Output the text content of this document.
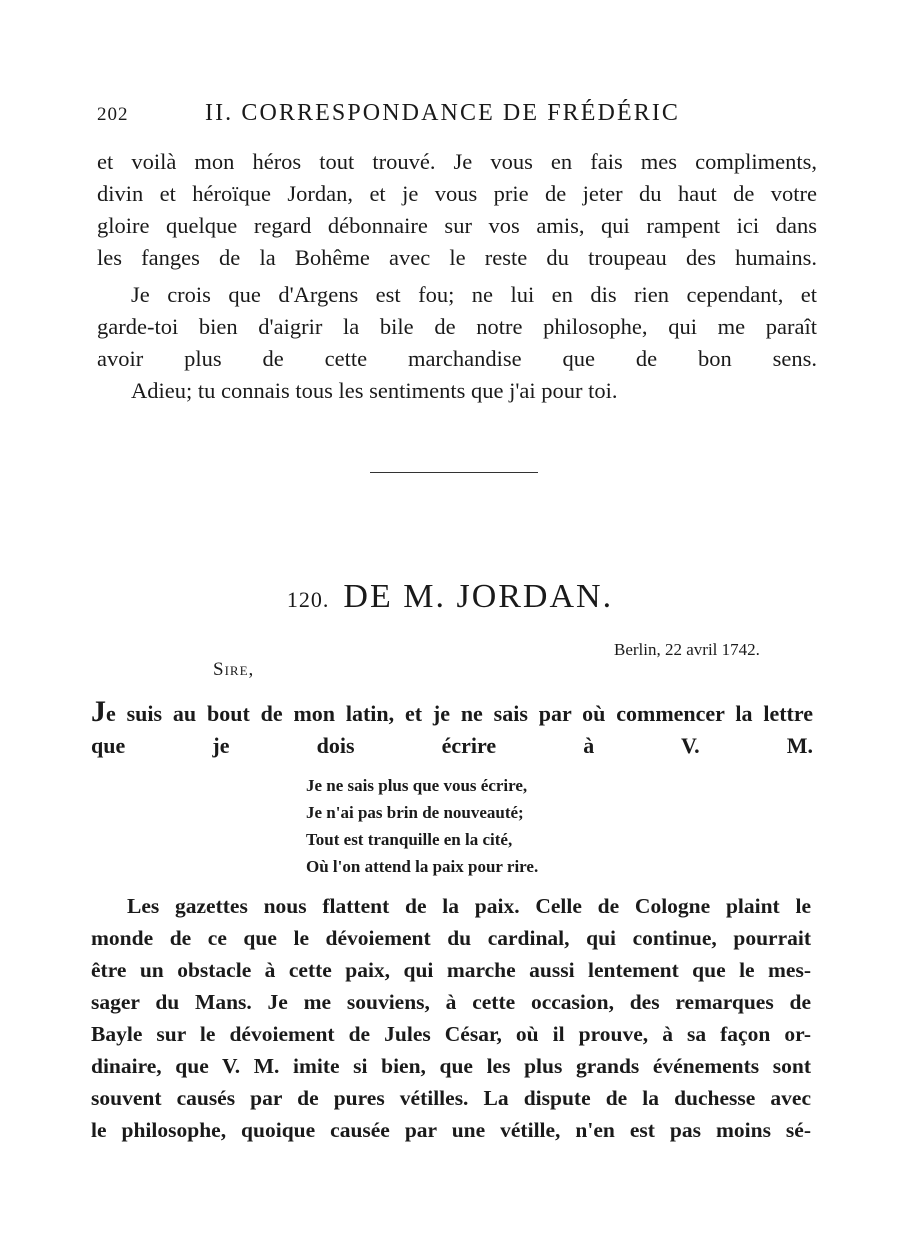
202	II. CORRESPONDANCE DE FRÉDÉRIC
et voilà mon héros tout trouvé. Je vous en fais mes compliments,
divin et héroïque Jordan, et je vous prie de jeter du haut de votre
gloire quelque regard débonnaire sur vos amis, qui rampent ici dans
les fanges de la Bohême avec le reste du troupeau des humains.
Je crois que d'Argens est fou; ne lui en dis rien cependant, et
garde-toi bien d'aigrir la bile de notre philosophe, qui me paraît
avoir plus de cette marchandise que de bon sens.
Adieu; tu connais tous les sentiments que j'ai pour toi.
120. DE M. JORDAN.
Berlin, 22 avril 1742.
Sire,
Je suis au bout de mon latin, et je ne sais par où commencer la lettre
que je dois écrire à V. M.
Je ne sais plus que vous écrire,
Je n'ai pas brin de nouveauté;
Tout est tranquille en la cité,
Où l'on attend la paix pour rire.
Les gazettes nous flattent de la paix. Celle de Cologne plaint le
monde de ce que le dévoiement du cardinal, qui continue, pourrait
être un obstacle à cette paix, qui marche aussi lentement que le mes-
sager du Mans. Je me souviens, à cette occasion, des remarques de
Bayle sur le dévoiement de Jules César, où il prouve, à sa façon or-
dinaire, que V. M. imite si bien, que les plus grands événements sont
souvent causés par de pures vétilles. La dispute de la duchesse avec
le philosophe, quoique causée par une vétille, n'en est pas moins sé-
